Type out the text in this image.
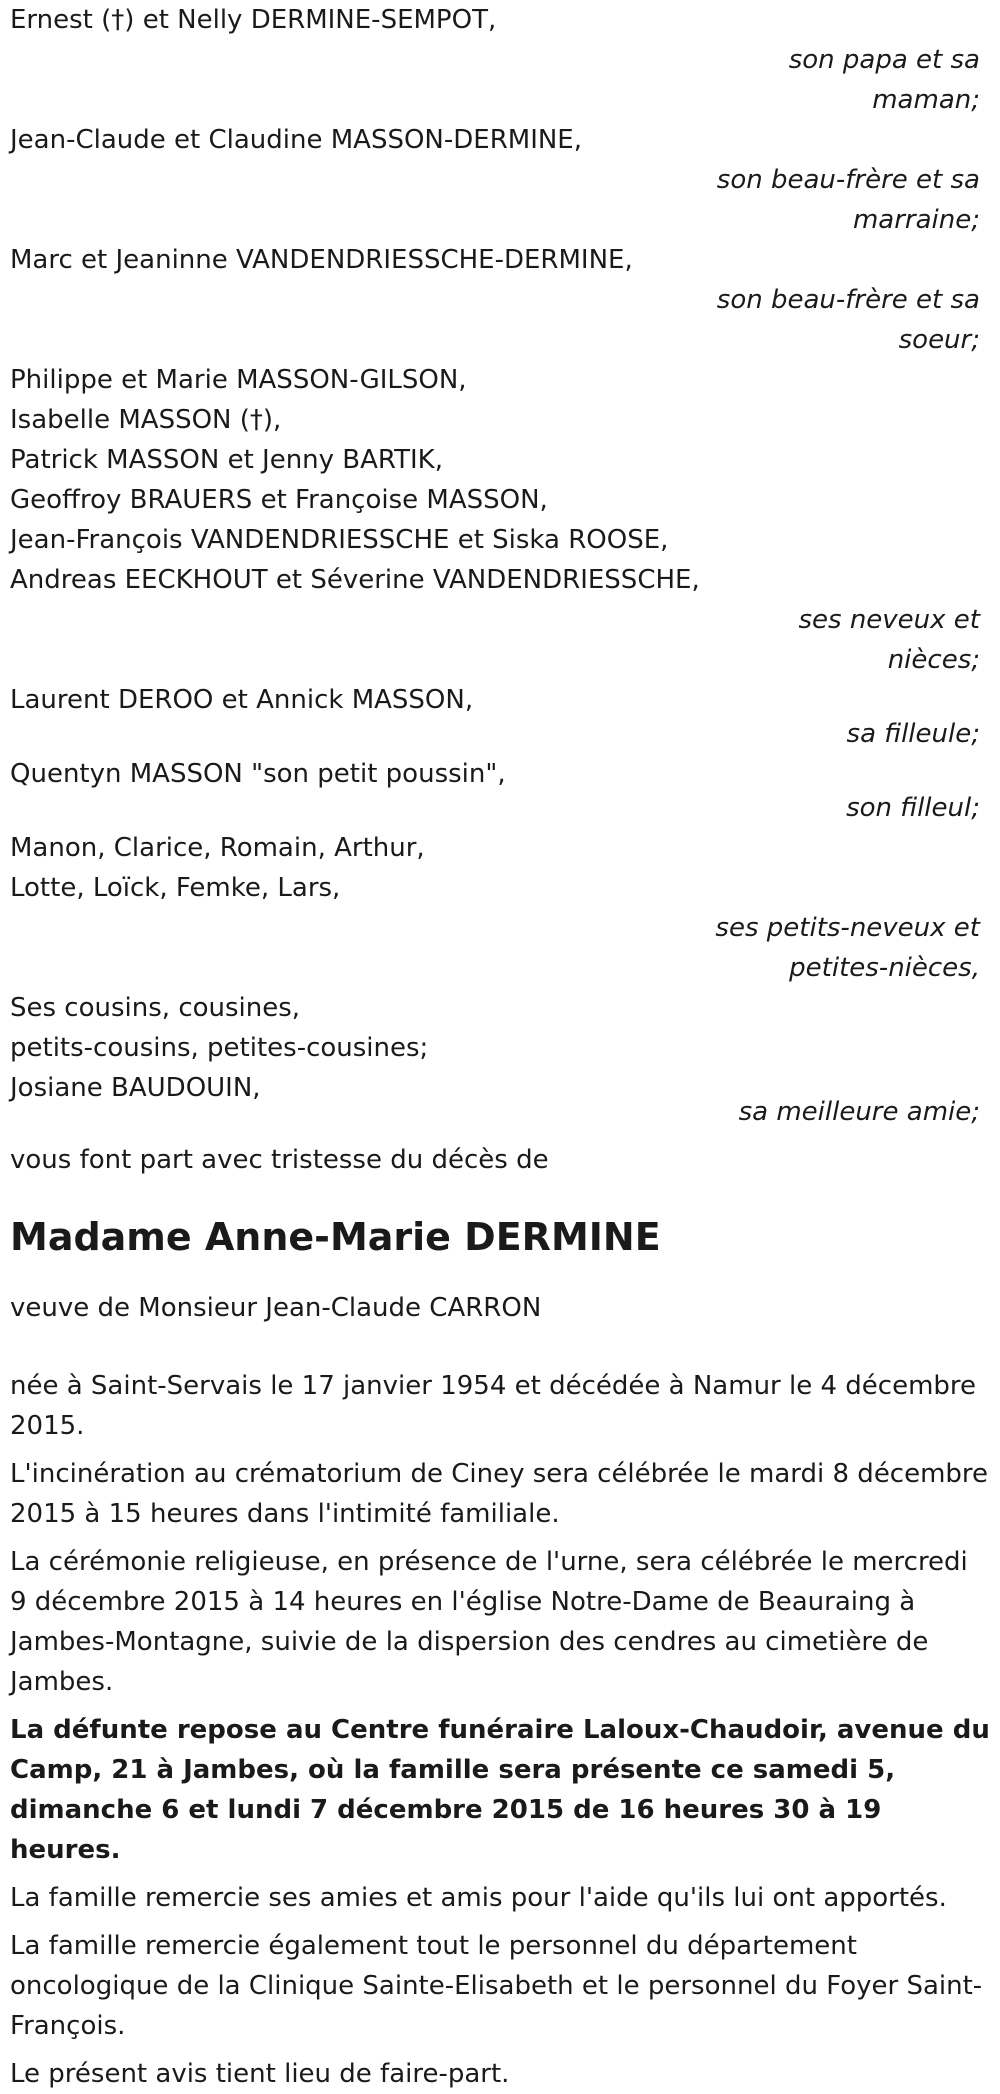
Ernest (†) et Nelly DERMINE-SEMPOT,
son papa et sa
maman;
Jean-Claude et Claudine MASSON-DERMINE,
son beau-frère et sa
marraine;
Marc et Jeaninne VANDENDRIESSCHE-DERMINE,
son beau-frère et sa
soeur;
Philippe et Marie MASSON-GILSON,
Isabelle MASSON (†),
Patrick MASSON et Jenny BARTIK,
Geoffroy BRAUERS et Françoise MASSON,
Jean-François VANDENDRIESSCHE et Siska ROOSE,
Andreas EECKHOUT et Séverine VANDENDRIESSCHE,
ses neveux et
nièces;
Laurent DEROO et Annick MASSON,
sa filleule;
Quentyn MASSON "son petit poussin",
son filleul;
Manon, Clarice, Romain, Arthur,
Lotte, Loïck, Femke, Lars,
ses petits-neveux et
petites-nièces,
Ses cousins, cousines,
petits-cousins, petites-cousines;
Josiane BAUDOUIN,
sa meilleure amie;
vous font part avec tristesse du décès de
Madame Anne-Marie DERMINE
veuve de Monsieur Jean-Claude CARRON

née à Saint-Servais le 17 janvier 1954 et décédée à Namur le 4 décembre 2015.

L'incinération au crématorium de Ciney sera célébrée le mardi 8 décembre 2015 à 15 heures dans l'intimité familiale.

La cérémonie religieuse, en présence de l'urne, sera célébrée le mercredi 9 décembre 2015 à 14 heures en l'église Notre-Dame de Beauraing à Jambes-Montagne, suivie de la dispersion des cendres au cimetière de Jambes.

La défunte repose au Centre funéraire Laloux-Chaudoir, avenue du Camp, 21 à Jambes, où la famille sera présente ce samedi 5, dimanche 6 et lundi 7 décembre 2015 de 16 heures 30 à 19 heures.

La famille remercie ses amies et amis pour l'aide qu'ils lui ont apportés.

La famille remercie également tout le personnel du département oncologique de la Clinique Sainte-Elisabeth et le personnel du Foyer Saint-François.

Le présent avis tient lieu de faire-part.
